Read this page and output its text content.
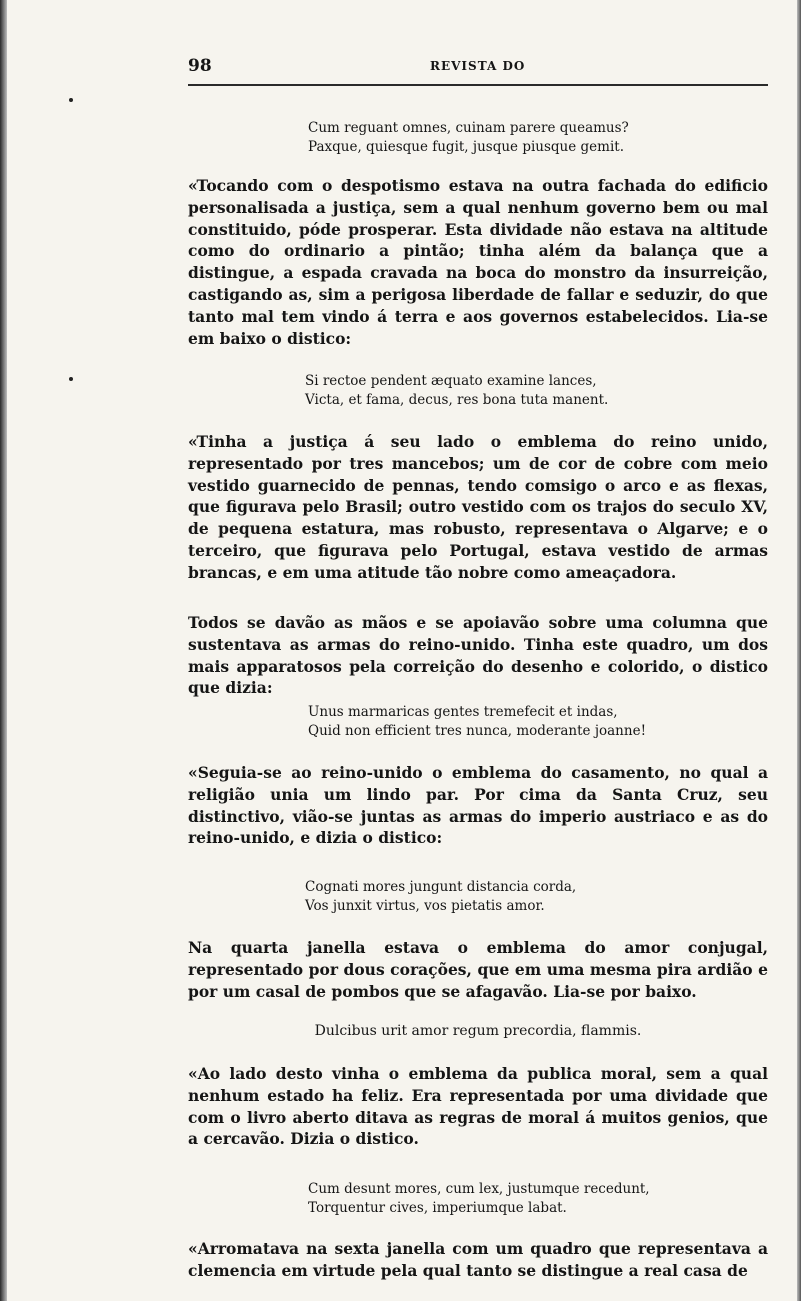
98	REVISTA DO
Cum reguant omnes, cuinam parere queamus?
Paxque, quiesque fugit, jusque piusque gemit.
«Tocando com o despotismo estava na outra fachada do edificio personalisada a justiça, sem a qual nenhum governo bem ou mal constituido, póde prosperar. Esta dividade não estava na altitude como do ordinario a pintão; tinha além da balança que a distingue, a espada cravada na boca do monstro da insurreição, castigando as, sim a perigosa liberdade de fallar e seduzir, do que tanto mal tem vindo á terra e aos governos estabelecidos. Lia-se em baixo o distico:
Si rectoe pendent æquato examine lances,
Victa, et fama, decus, res bona tuta manent.
«Tinha a justiça á seu lado o emblema do reino unido, representado por tres mancebos; um de cor de cobre com meio vestido guarnecido de pennas, tendo comsigo o arco e as flexas, que figurava pelo Brasil; outro vestido com os trajos do seculo XV, de pequena estatura, mas robusto, representava o Algarve; e o terceiro, que figurava pelo Portugal, estava vestido de armas brancas, e em uma atitude tão nobre como ameaçadora.
Todos se davão as mãos e se apoiavão sobre uma columna que sustentava as armas do reino-unido. Tinha este quadro, um dos mais apparatosos pela correição do desenho e colorido, o distico que dizia:
Unus marmaricas gentes tremefecit et indas,
Quid non efficient tres nunca, moderante joanne!
«Seguia-se ao reino-unido o emblema do casamento, no qual a religião unia um lindo par. Por cima da Santa Cruz, seu distinctivo, vião-se juntas as armas do imperio austriaco e as do reino-unido, e dizia o distico:
Cognati mores jungunt distancia corda,
Vos junxit virtus, vos pietatis amor.
Na quarta janella estava o emblema do amor conjugal, representado por dous corações, que em uma mesma pira ardião e por um casal de pombos que se afagavão. Lia-se por baixo.
Dulcibus urit amor regum precordia, flammis.
«Ao lado desto vinha o emblema da publica moral, sem a qual nenhum estado ha feliz. Era representada por uma dividade que com o livro aberto ditava as regras de moral á muitos genios, que a cercavão. Dizia o distico.
Cum desunt mores, cum lex, justumque recedunt,
Torquentur cives, imperiumque labat.
«Arromatava na sexta janella com um quadro que representava a clemencia em virtude pela qual tanto se distingue a real casa de
